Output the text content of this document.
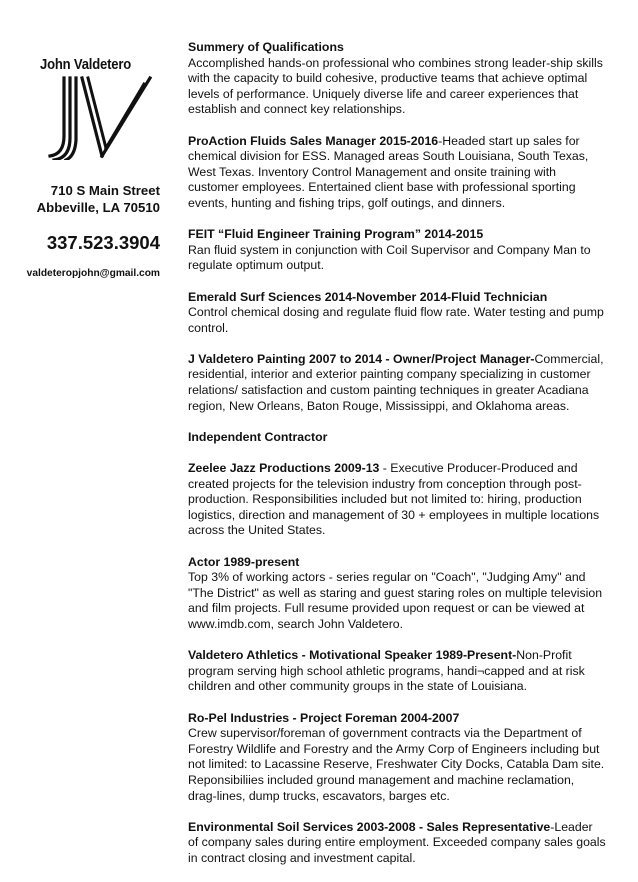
John Valdetero
710 S Main Street
Abbeville, LA 70510
337.523.3904
valdeteropjohn@gmail.com
Summery of Qualifications
Accomplished hands-on professional who combines strong leader-ship skills with the capacity to build cohesive, productive teams that achieve optimal levels of performance. Uniquely diverse life and career experiences that establish and connect key relationships.
ProAction Fluids Sales Manager 2015-2016-Headed start up sales for chemical division for ESS. Managed areas South Louisiana, South Texas, West Texas. Inventory Control Management and onsite training with customer employees. Entertained client base with professional sporting events, hunting and fishing trips, golf outings, and dinners.
FEIT “Fluid Engineer Training Program” 2014-2015
Ran fluid system in conjunction with Coil Supervisor and Company Man to regulate optimum output.
Emerald Surf Sciences 2014-November 2014-Fluid Technician
Control chemical dosing and regulate fluid flow rate. Water testing and pump control.
J Valdetero Painting 2007 to 2014 - Owner/Project Manager-Commercial, residential, interior and exterior painting company specializing in customer relations/ satisfaction and custom painting techniques in greater Acadiana region, New Orleans, Baton Rouge, Mississippi, and Oklahoma areas.
Independent Contractor

Zeelee Jazz Productions 2009-13 - Executive Producer-Produced and created projects for the television industry from conception through post-production. Responsibilities included but not limited to: hiring, production logistics, direction and management of 30 + employees in multiple locations across the United States.
Actor 1989-present
Top 3% of working actors - series regular on "Coach", "Judging Amy" and "The District" as well as staring and guest staring roles on multiple television and film projects. Full resume provided upon request or can be viewed at www.imdb.com, search John Valdetero.
Valdetero Athletics - Motivational Speaker 1989-Present-Non-Profit program serving high school athletic programs, handi¬capped and at risk children and other community groups in the state of Louisiana.
Ro-Pel Industries - Project Foreman 2004-2007
Crew supervisor/foreman of government contracts via the Department of Forestry Wildlife and Forestry and the Army Corp of Engineers including but not limited: to Lacassine Reserve, Freshwater City Docks, Catabla Dam site. Reponsibiliies included ground management and machine reclamation, drag-lines, dump trucks, escavators, barges etc.
Environmental Soil Services 2003-2008 - Sales Representative-Leader of company sales during entire employment. Exceeded company sales goals in contract closing and investment capital.
